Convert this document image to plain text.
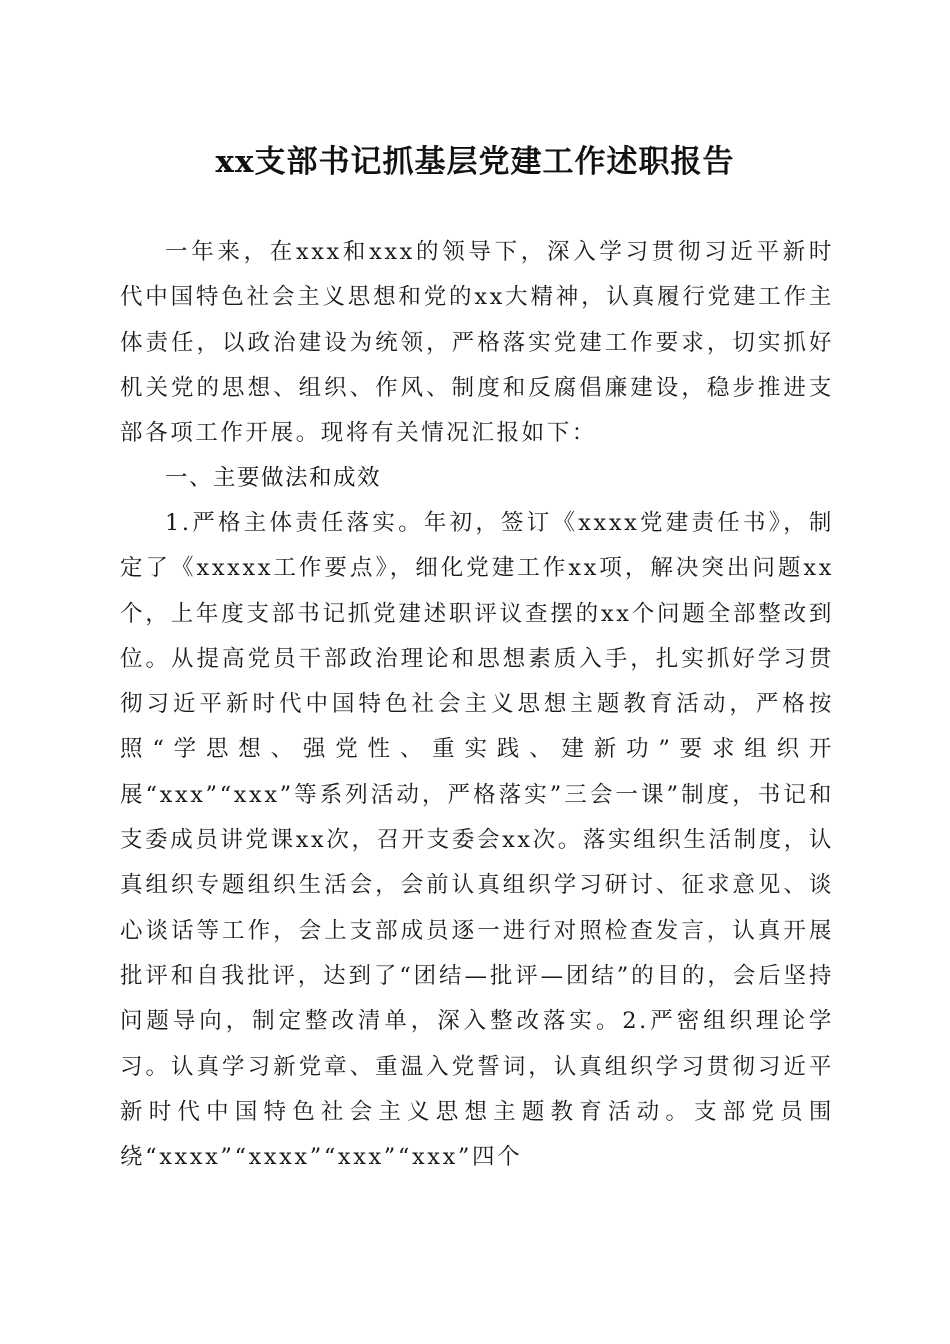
xx支部书记抓基层党建工作述职报告

一年来，在xxx和xxx的领导下，深入学习贯彻习近平新时代中国特色社会主义思想和党的xx大精神，认真履行党建工作主体责任，以政治建设为统领，严格落实党建工作要求，切实抓好机关党的思想、组织、作风、制度和反腐倡廉建设，稳步推进支部各项工作开展。现将有关情况汇报如下：

一、主要做法和成效

1.严格主体责任落实。年初，签订《xxxx党建责任书》，制定了《xxxxx工作要点》，细化党建工作xx项，解决突出问题xx个，上年度支部书记抓党建述职评议查摆的xx个问题全部整改到位。从提高党员干部政治理论和思想素质入手，扎实抓好学习贯彻习近平新时代中国特色社会主义思想主题教育活动，严格按照“学思想、强党性、重实践、建新功”要求组织开展“xxx”“xxx”等系列活动，严格落实”三会一课”制度，书记和支委成员讲党课xx次，召开支委会xx次。落实组织生活制度，认真组织专题组织生活会，会前认真组织学习研讨、征求意见、谈心谈话等工作，会上支部成员逐一进行对照检查发言，认真开展批评和自我批评，达到了“团结—批评—团结”的目的，会后坚持问题导向，制定整改清单，深入整改落实。2.严密组织理论学习。认真学习新党章、重温入党誓词，认真组织学习贯彻习近平新时代中国特色社会主义思想主题教育活动。支部党员围绕“xxxx”“xxxx”“xxx”“xxx”四个
